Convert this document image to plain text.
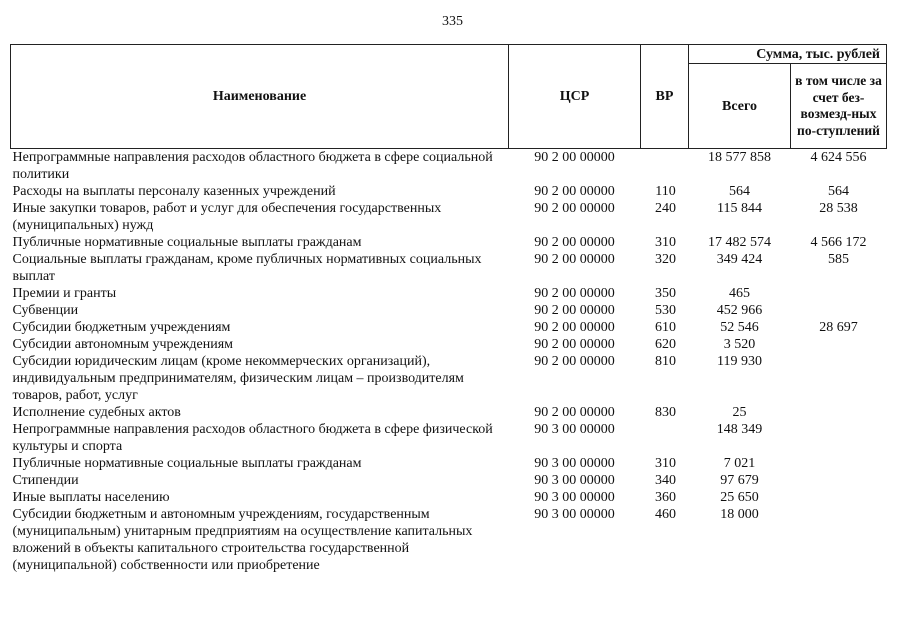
335
Наименование	ЦСР	ВР	Сумма, тыс. рублей	
			Всего	в том числе за счет без-возмезд-ных по-ступлений
Непрограммные направления расходов областного бюджета в сфере социальной политики	90 2 00 00000		18 577 858	4 624 556
Расходы на выплаты персоналу казенных учреждений	90 2 00 00000	110	564	564
Иные закупки товаров, работ и услуг для обеспечения государственных (муниципальных) нужд	90 2 00 00000	240	115 844	28 538
Публичные нормативные социальные выплаты гражданам	90 2 00 00000	310	17 482 574	4 566 172
Социальные выплаты гражданам, кроме публичных нормативных социальных выплат	90 2 00 00000	320	349 424	585
Премии и гранты	90 2 00 00000	350	465	
Субвенции	90 2 00 00000	530	452 966	
Субсидии бюджетным учреждениям	90 2 00 00000	610	52 546	28 697
Субсидии автономным учреждениям	90 2 00 00000	620	3 520	
Субсидии юридическим лицам (кроме некоммерческих организаций), индивидуальным предпринимателям, физическим лицам – производителям товаров, работ, услуг	90 2 00 00000	810	119 930	
Исполнение судебных актов	90 2 00 00000	830	25	
Непрограммные направления расходов областного бюджета в сфере физической культуры и спорта	90 3 00 00000		148 349	
Публичные нормативные социальные выплаты гражданам	90 3 00 00000	310	7 021	
Стипендии	90 3 00 00000	340	97 679	
Иные выплаты населению	90 3 00 00000	360	25 650	
Субсидии бюджетным и автономным учреждениям, государственным (муниципальным) унитарным предприятиям на осуществление капитальных вложений в объекты капитального строительства государственной (муниципальной) собственности или приобретение	90 3 00 00000	460	18 000	
